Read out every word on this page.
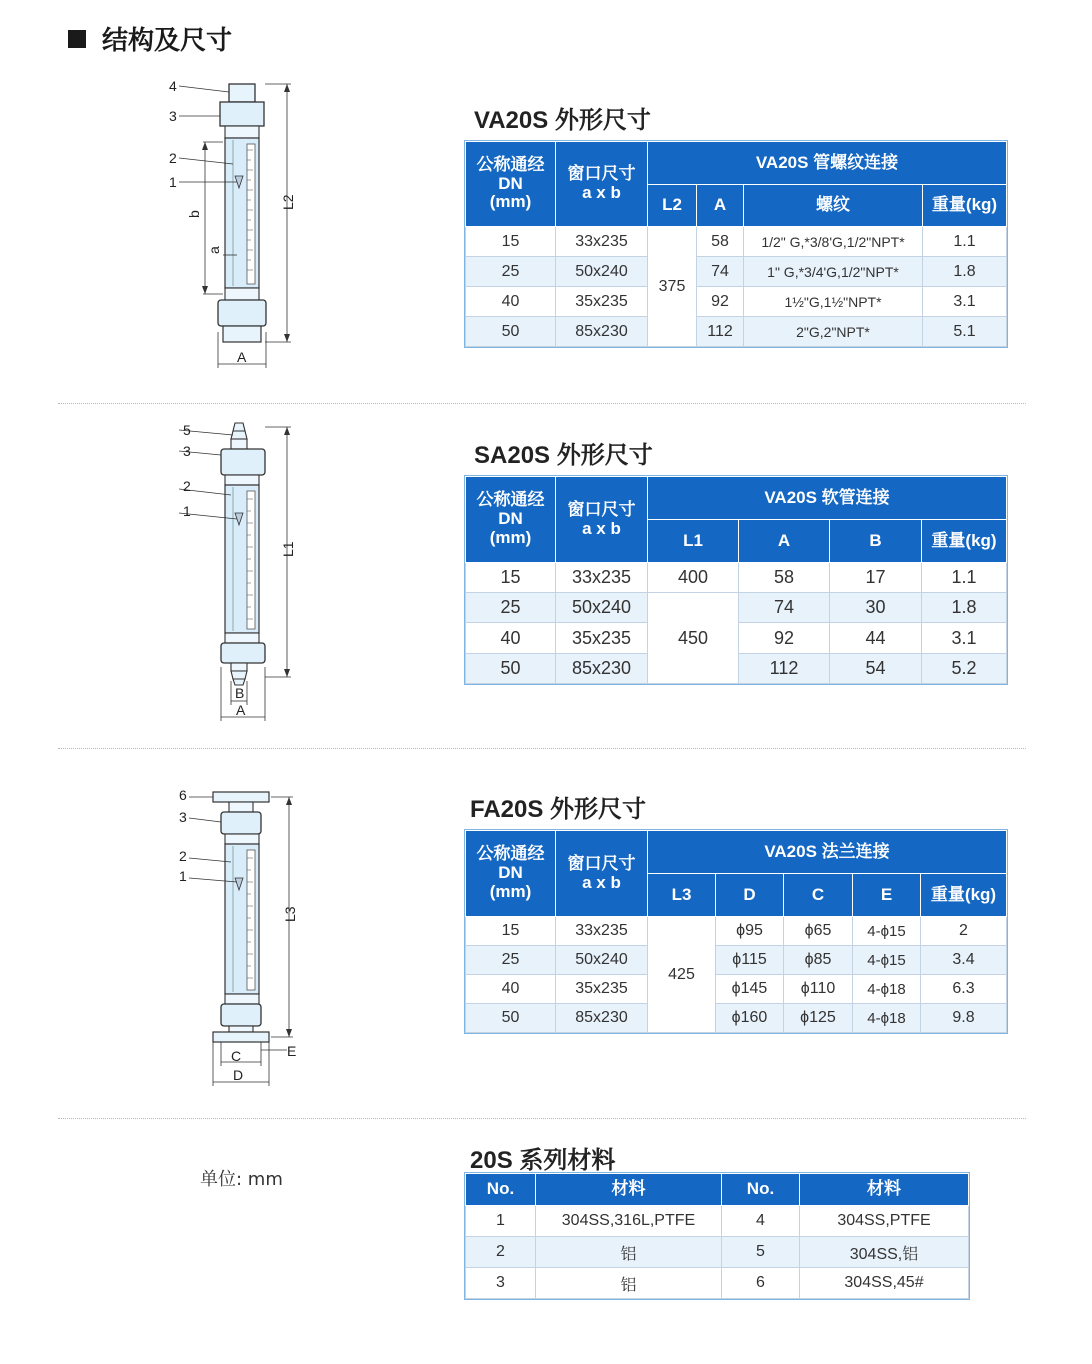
结构及尺寸
L2
b
a
A
4
3
2
1
VA20S 外形尺寸
公称通经
DN
(mm)	窗口尺寸
a x b	VA20S 管螺纹连接			
		L2	A	螺纹	重量(kg)
15	33x235	375	58	1/2" G,*3/8'G,1/2"NPT*	1.1
25	50x240		74	1" G,*3/4'G,1/2"NPT*	1.8
40	35x235		92	1½"G,1½"NPT*	3.1
50	85x230		112	2"G,2"NPT*	5.1
L1
B
A
5
3
2
1
SA20S 外形尺寸
公称通经
DN
(mm)	窗口尺寸
a x b	VA20S 软管连接			
		L1	A	B	重量(kg)
15	33x235	400	58	17	1.1
25	50x240	450	74	30	1.8
40	35x235		92	44	3.1
50	85x230		112	54	5.2
L3
C
D
E
6
3
2
1
FA20S 外形尺寸
公称通经
DN
(mm)	窗口尺寸
a x b	VA20S 法兰连接				
		L3	D	C	E	重量(kg)
15	33x235	425	ϕ95	ϕ65	4-ϕ15	2
25	50x240		ϕ115	ϕ85	4-ϕ15	3.4
40	35x235		ϕ145	ϕ110	4-ϕ18	6.3
50	85x230		ϕ160	ϕ125	4-ϕ18	9.8
单位: mm
20S 系列材料
No.	材料	No.	材料
1	304SS,316L,PTFE	4	304SS,PTFE
2	铝	5	304SS,铝
3	铝	6	304SS,45#
